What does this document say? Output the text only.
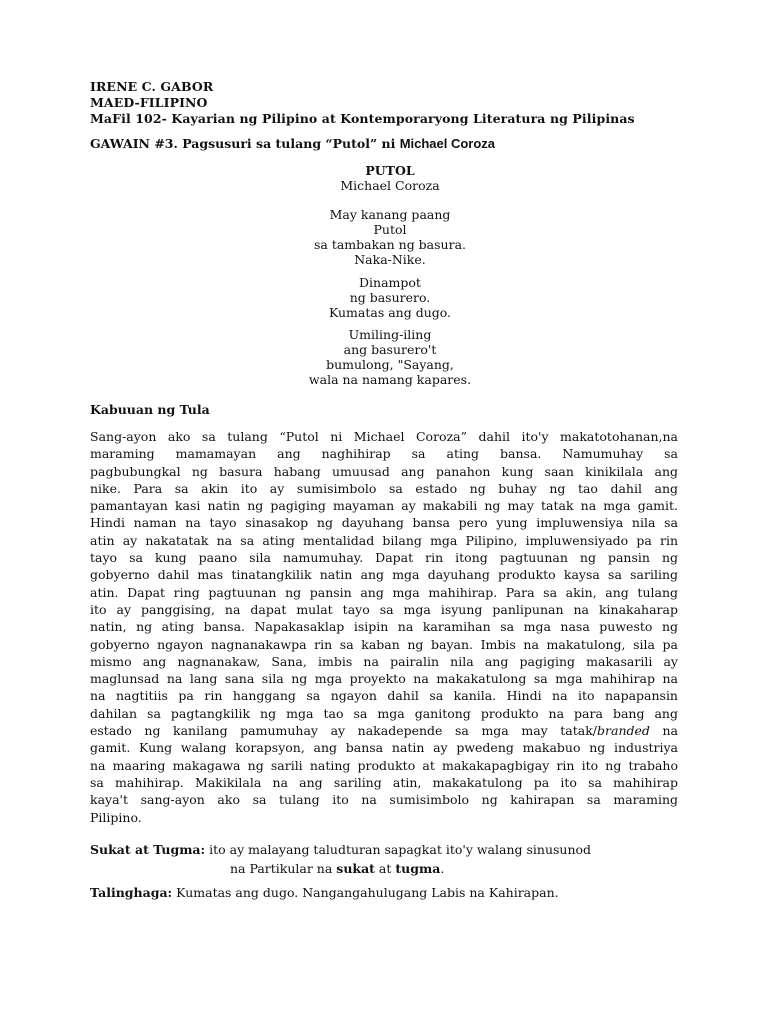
IRENE C. GABOR
MAED-FILIPINO
MaFil 102- Kayarian ng Pilipino at Kontemporaryong Literatura ng Pilipinas
GAWAIN #3. Pagsusuri sa tulang “Putol” ni Michael Coroza
PUTOL
Michael Coroza
May kanang paang
Putol
sa tambakan ng basura.
Naka-Nike.
Dinampot
ng basurero.
Kumatas ang dugo.
Umiling-iling
ang basurero't
bumulong, "Sayang,
wala na namang kapares.
Kabuuan ng Tula
Sang-ayon ako sa tulang “Putol ni Michael Coroza” dahil ito'y makatotohanan,na
maraming mamamayan ang naghihirap sa ating bansa. Namumuhay sa
pagbubungkal ng basura habang umuusad ang panahon kung saan kinikilala ang
nike. Para sa akin ito ay sumisimbolo sa estado ng buhay ng tao dahil ang
pamantayan kasi natin ng pagiging mayaman ay makabili ng may tatak na mga gamit.
Hindi naman na tayo sinasakop ng dayuhang bansa pero yung impluwensiya nila sa
atin ay nakatatak na sa ating mentalidad bilang mga Pilipino, impluwensiyado pa rin
tayo sa kung paano sila namumuhay. Dapat rin itong pagtuunan ng pansin ng
gobyerno dahil mas tinatangkilik natin ang mga dayuhang produkto kaysa sa sariling
atin. Dapat ring pagtuunan ng pansin ang mga mahihirap. Para sa akin, ang tulang
ito ay panggising, na dapat mulat tayo sa mga isyung panlipunan na kinakaharap
natin, ng ating bansa. Napakasaklap isipin na karamihan sa mga nasa puwesto ng
gobyerno ngayon nagnanakawpa rin sa kaban ng bayan. Imbis na makatulong, sila pa
mismo ang nagnanakaw, Sana, imbis na pairalin nila ang pagiging makasarili ay
maglunsad na lang sana sila ng mga proyekto na makakatulong sa mga mahihirap na
na nagtitiis pa rin hanggang sa ngayon dahil sa kanila. Hindi na ito napapansin
dahilan sa pagtangkilik ng mga tao sa mga ganitong produkto na para bang ang
estado ng kanilang pamumuhay ay nakadepende sa mga may tatak/branded na
gamit. Kung walang korapsyon, ang bansa natin ay pwedeng makabuo ng industriya
na maaring makagawa ng sarili nating produkto at makakapagbigay rin ito ng trabaho
sa mahihirap. Makikilala na ang sariling atin, makakatulong pa ito sa mahihirap
kaya't sang-ayon ako sa tulang ito na sumisimbolo ng kahirapan sa maraming
Pilipino.
Sukat at Tugma: ito ay malayang taludturan sapagkat ito'y walang sinusunod
na Partikular na sukat at tugma.
Talinghaga: Kumatas ang dugo. Nangangahulugang Labis na Kahirapan.
